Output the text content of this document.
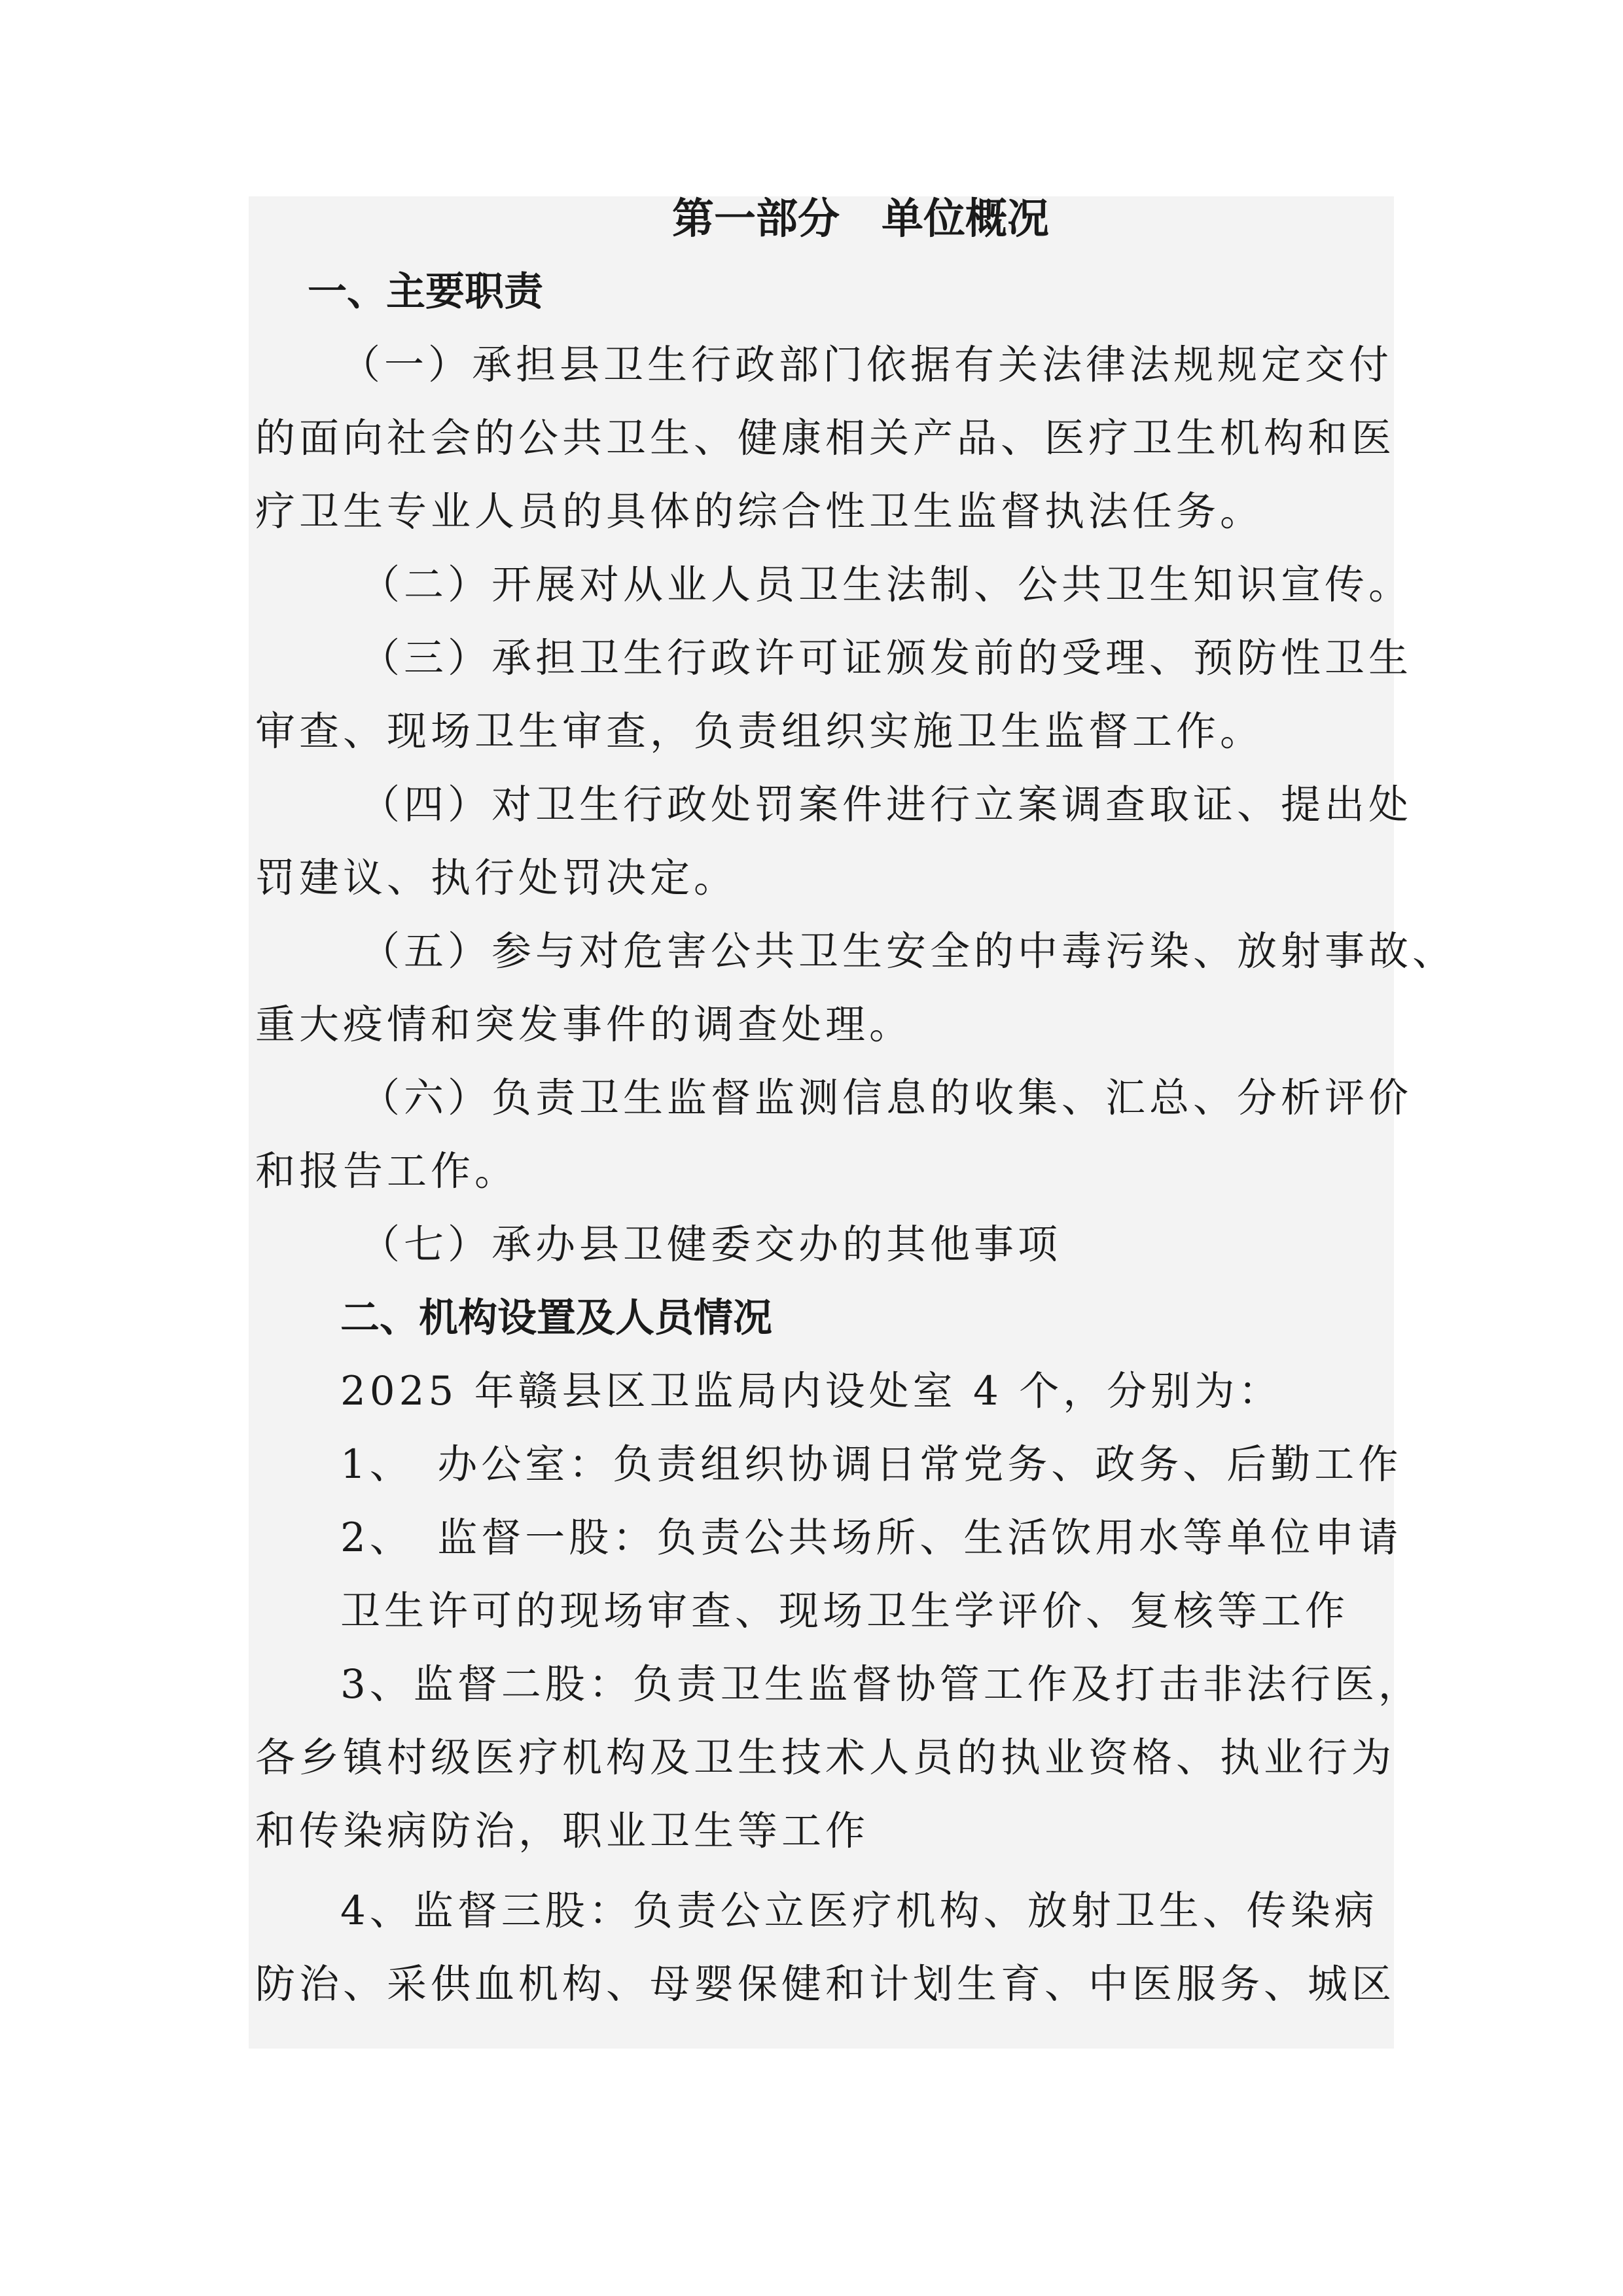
第一部分　单位概况
一、主要职责
（一）承担县卫生行政部门依据有关法律法规规定交付
的面向社会的公共卫生、健康相关产品、医疗卫生机构和医
疗卫生专业人员的具体的综合性卫生监督执法任务。
（二）开展对从业人员卫生法制、公共卫生知识宣传。
（三）承担卫生行政许可证颁发前的受理、预防性卫生
审查、现场卫生审查，负责组织实施卫生监督工作。
（四）对卫生行政处罚案件进行立案调查取证、提出处
罚建议、执行处罚决定。
（五）参与对危害公共卫生安全的中毒污染、放射事故、
重大疫情和突发事件的调查处理。
（六）负责卫生监督监测信息的收集、汇总、分析评价
和报告工作。
（七）承办县卫健委交办的其他事项
二、机构设置及人员情况
2025 年赣县区卫监局内设处室 4 个，分别为：
1、　办公室：负责组织协调日常党务、政务、后勤工作
2、　监督一股：负责公共场所、生活饮用水等单位申请
卫生许可的现场审查、现场卫生学评价、复核等工作
3、监督二股：负责卫生监督协管工作及打击非法行医，
各乡镇村级医疗机构及卫生技术人员的执业资格、执业行为
和传染病防治，职业卫生等工作
4、监督三股：负责公立医疗机构、放射卫生、传染病
防治、采供血机构、母婴保健和计划生育、中医服务、城区
